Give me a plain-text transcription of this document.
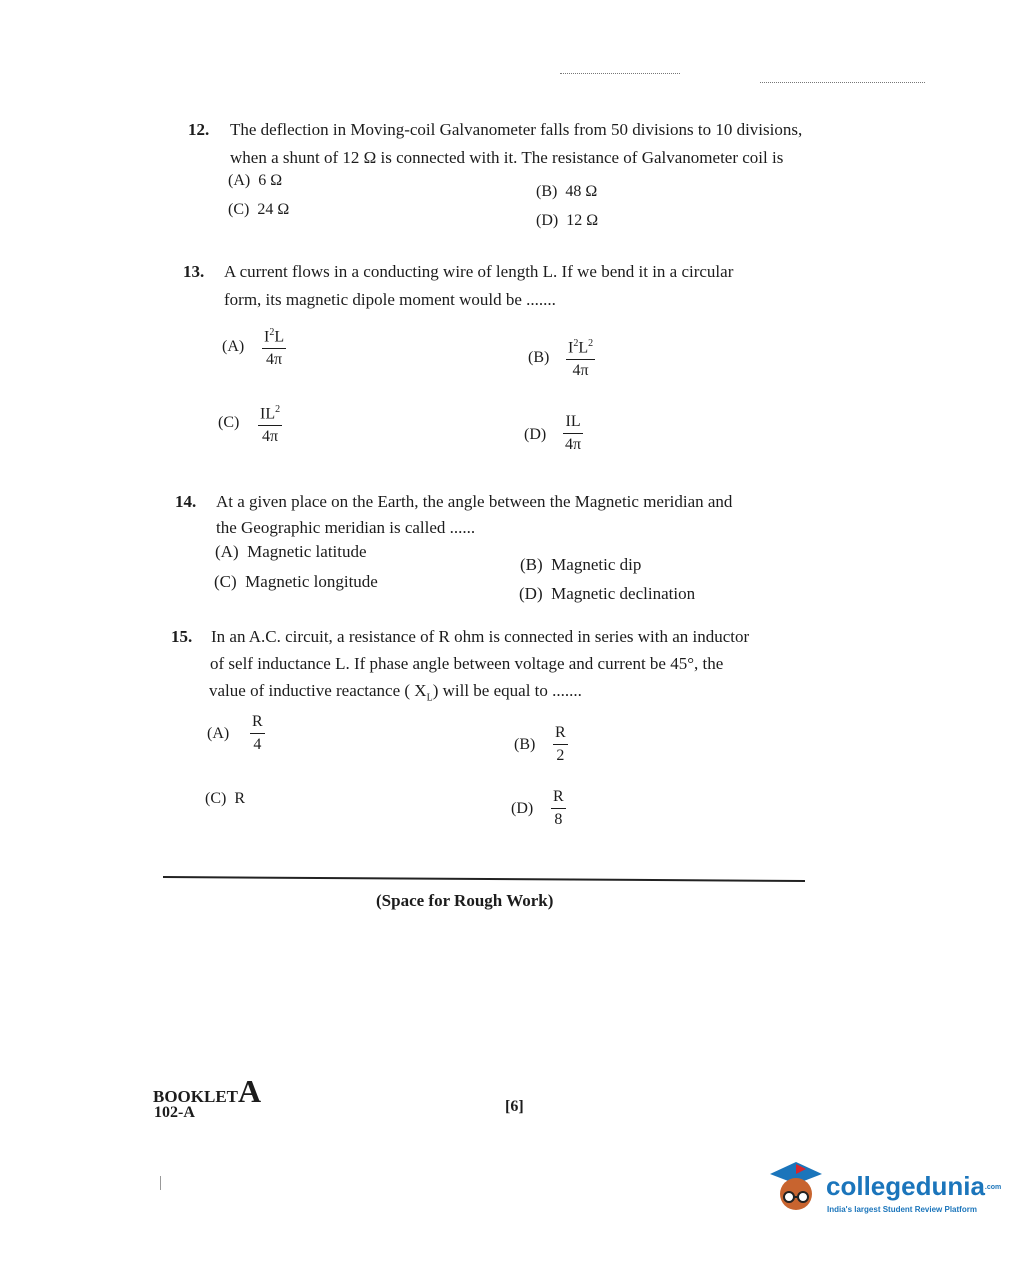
12. The deflection in Moving-coil Galvanometer falls from 50 divisions to 10 divisions,
when a shunt of 12 Ω is connected with it. The resistance of Galvanometer coil is
(A) 6 Ω
(B) 48 Ω
(C) 24 Ω
(D) 12 Ω
13. A current flows in a conducting wire of length L. If we bend it in a circular
form, its magnetic dipole moment would be .......
(A)
$I^2L$
4π	(B)
$I^2L^2$
4π
(C)
$IL^2$
4π	(D)
IL
4π
14. At a given place on the Earth, the angle between the Magnetic meridian and
the Geographic meridian is called ......
(A) Magnetic latitude
(B) Magnetic dip
(C) Magnetic longitude
(D) Magnetic declination
15. In an A.C. circuit, a resistance of R ohm is connected in series with an inductor
of self inductance L. If phase angle between voltage and current be 45°, the
value of inductive reactance ( $X_L$) will be equal to .......
(A)
R
4	(B)
R
2
(C) R
(D)
R
8
(Space for Rough Work)
BOOKLETA
102-A	[6]
collegedunia.com
India's largest Student Review Platform
